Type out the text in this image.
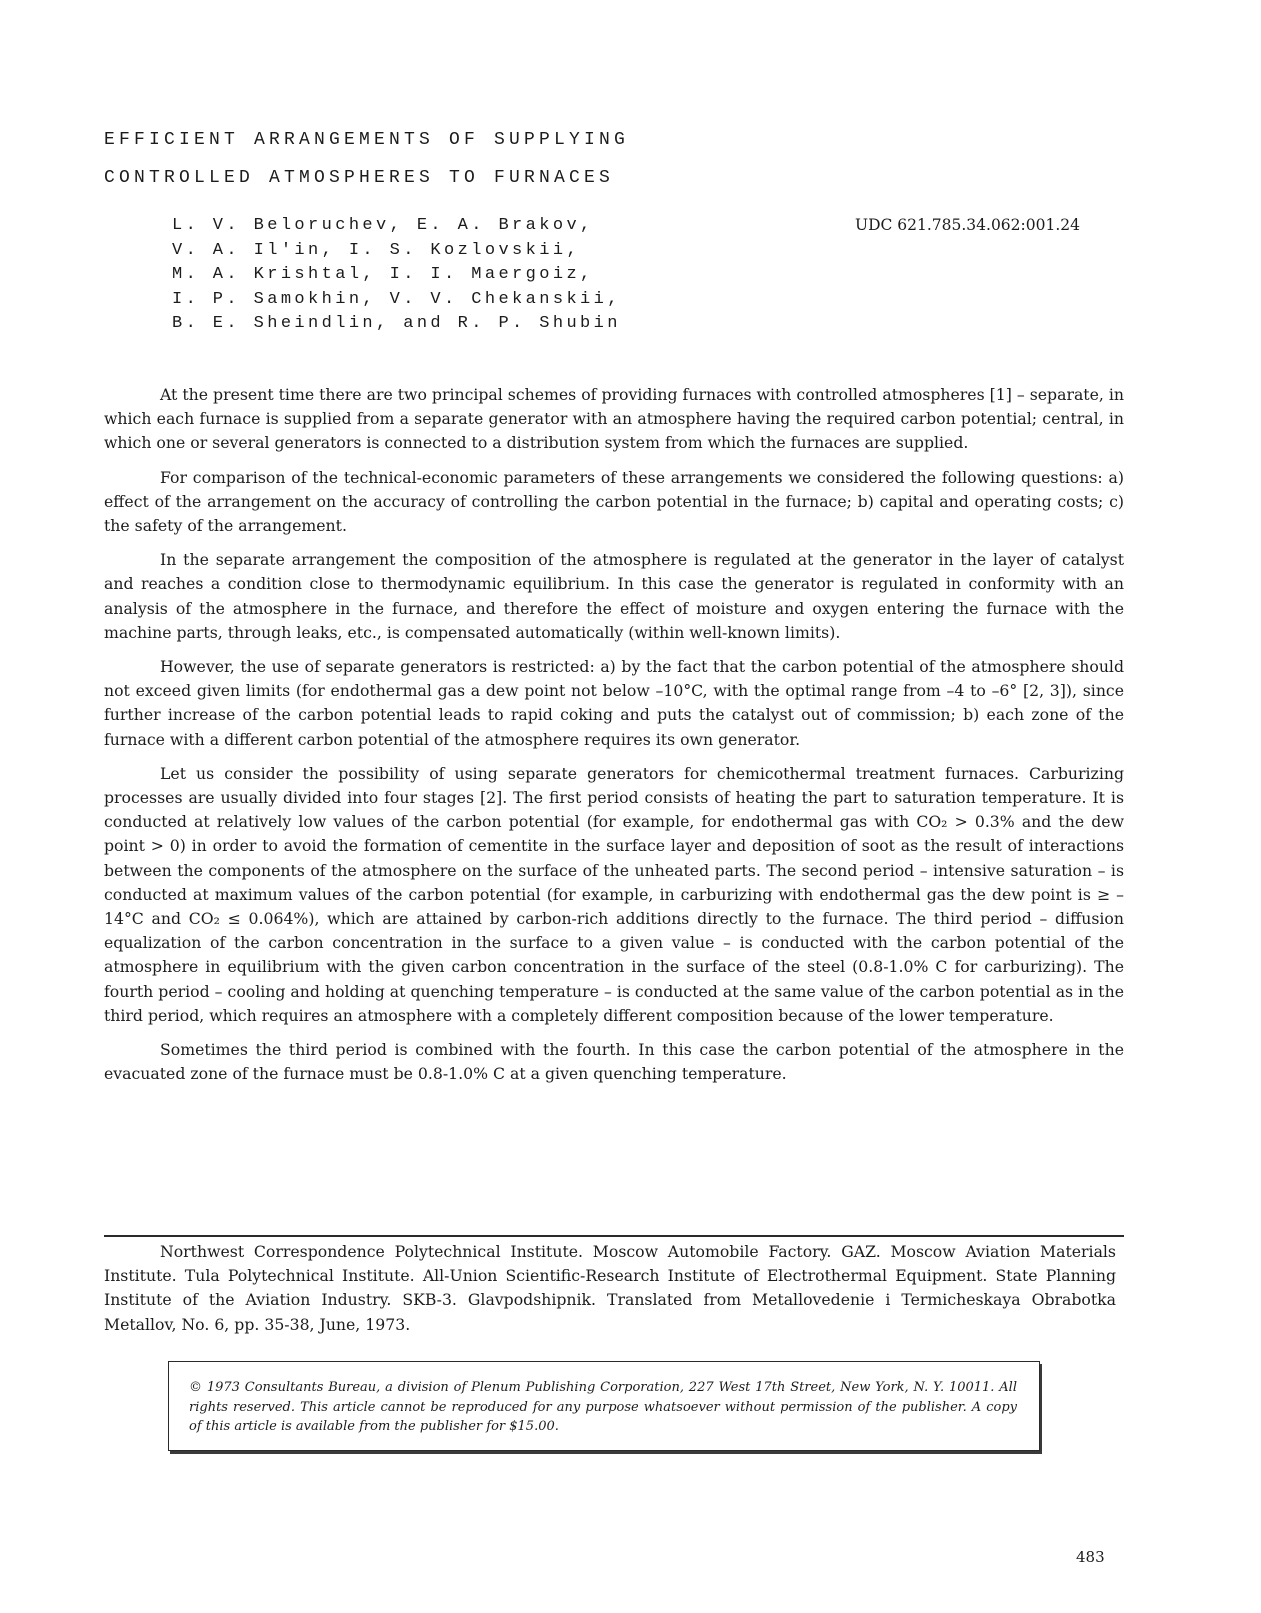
EFFICIENT ARRANGEMENTS OF SUPPLYING
CONTROLLED ATMOSPHERES TO FURNACES
L. V. Beloruchev, E. A. Brakov,
V. A. Il'in, I. S. Kozlovskii,
M. A. Krishtal, I. I. Maergoiz,
I. P. Samokhin, V. V. Chekanskii,
B. E. Sheindlin, and R. P. Shubin
UDC 621.785.34.062:001.24

At the present time there are two principal schemes of providing furnaces with controlled atmospheres [1] – separate, in which each furnace is supplied from a separate generator with an atmosphere having the required carbon potential; central, in which one or several generators is connected to a distribution system from which the furnaces are supplied.

For comparison of the technical-economic parameters of these arrangements we considered the following questions: a) effect of the arrangement on the accuracy of controlling the carbon potential in the furnace; b) capital and operating costs; c) the safety of the arrangement.

In the separate arrangement the composition of the atmosphere is regulated at the generator in the layer of catalyst and reaches a condition close to thermodynamic equilibrium. In this case the generator is regulated in conformity with an analysis of the atmosphere in the furnace, and therefore the effect of moisture and oxygen entering the furnace with the machine parts, through leaks, etc., is compensated automatically (within well-known limits).

However, the use of separate generators is restricted: a) by the fact that the carbon potential of the atmosphere should not exceed given limits (for endothermal gas a dew point not below –10°C, with the optimal range from –4 to –6° [2, 3]), since further increase of the carbon potential leads to rapid coking and puts the catalyst out of commission; b) each zone of the furnace with a different carbon potential of the atmosphere requires its own generator.

Let us consider the possibility of using separate generators for chemicothermal treatment furnaces. Carburizing processes are usually divided into four stages [2]. The first period consists of heating the part to saturation temperature. It is conducted at relatively low values of the carbon potential (for example, for endothermal gas with CO₂ > 0.3% and the dew point > 0) in order to avoid the formation of cementite in the surface layer and deposition of soot as the result of interactions between the components of the atmosphere on the surface of the unheated parts. The second period – intensive saturation – is conducted at maximum values of the carbon potential (for example, in carburizing with endothermal gas the dew point is ≥ –14°C and CO₂ ≤ 0.064%), which are attained by carbon-rich additions directly to the furnace. The third period – diffusion equalization of the carbon concentration in the surface to a given value – is conducted with the carbon potential of the atmosphere in equilibrium with the given carbon concentration in the surface of the steel (0.8-1.0% C for carburizing). The fourth period – cooling and holding at quenching temperature – is conducted at the same value of the carbon potential as in the third period, which requires an atmosphere with a completely different composition because of the lower temperature.

Sometimes the third period is combined with the fourth. In this case the carbon potential of the atmosphere in the evacuated zone of the furnace must be 0.8-1.0% C at a given quenching temperature.

Northwest Correspondence Polytechnical Institute. Moscow Automobile Factory. GAZ. Moscow Aviation Materials Institute. Tula Polytechnical Institute. All-Union Scientific-Research Institute of Electrothermal Equipment. State Planning Institute of the Aviation Industry. SKB-3. Glavpodshipnik. Translated from Metallovedenie i Termicheskaya Obrabotka Metallov, No. 6, pp. 35-38, June, 1973.

© 1973 Consultants Bureau, a division of Plenum Publishing Corporation, 227 West 17th Street, New York, N. Y. 10011. All rights reserved. This article cannot be reproduced for any purpose whatsoever without permission of the publisher. A copy of this article is available from the publisher for $15.00.

483
